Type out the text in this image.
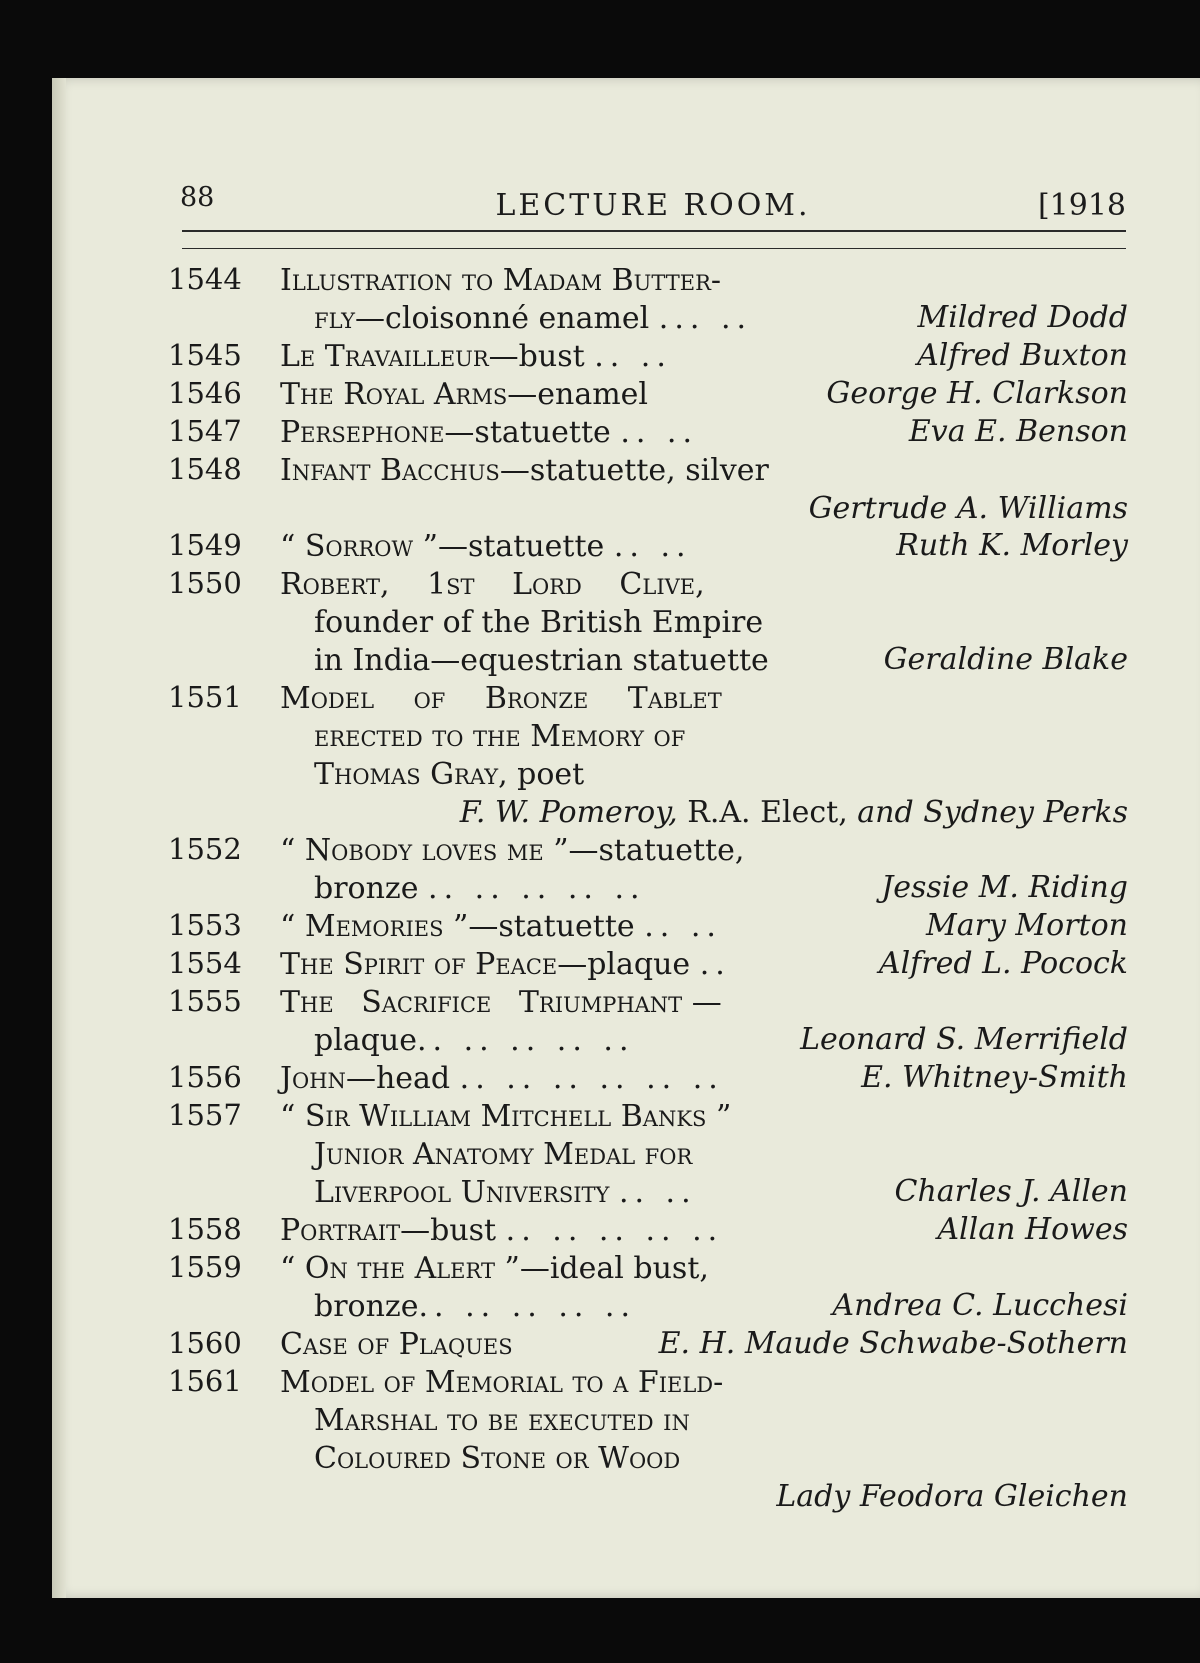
88	LECTURE ROOM.	[1918
1544	Illustration to Madam Butter-
fly—cloisonné enamel ... ..	Mildred Dodd
1545	Le Travailleur—bust .. ..	Alfred Buxton
1546	The Royal Arms—enamel	George H. Clarkson
1547	Persephone—statuette .. ..	Eva E. Benson
1548	Infant Bacchus—statuette, silver
Gertrude A. Williams
1549	“ Sorrow ”—statuette .. ..	Ruth K. Morley
1550	Robert, 1st Lord Clive,
founder of the British Empire
in India—equestrian statuette	Geraldine Blake
1551	Model of Bronze Tablet
erected to the Memory of
Thomas Gray, poet
F. W. Pomeroy, R.A. Elect, and Sydney Perks
1552	“ Nobody loves me ”—statuette,
bronze .. .. .. .. ..	Jessie M. Riding
1553	“ Memories ”—statuette .. ..	Mary Morton
1554	The Spirit of Peace—plaque ..	Alfred L. Pocock
1555	The Sacrifice Triumphant —
plaque.. .. .. .. ..	Leonard S. Merrifield
1556	John—head .. .. .. .. .. ..	E. Whitney-Smith
1557	“ Sir William Mitchell Banks ”
Junior Anatomy Medal for
Liverpool University .. ..	Charles J. Allen
1558	Portrait—bust .. .. .. .. ..	Allan Howes
1559	“ On the Alert ”—ideal bust,
bronze.. .. .. .. ..	Andrea C. Lucchesi
1560	Case of Plaques	E. H. Maude Schwabe-Sothern
1561	Model of Memorial to a Field-
Marshal to be executed in
Coloured Stone or Wood
Lady Feodora Gleichen
